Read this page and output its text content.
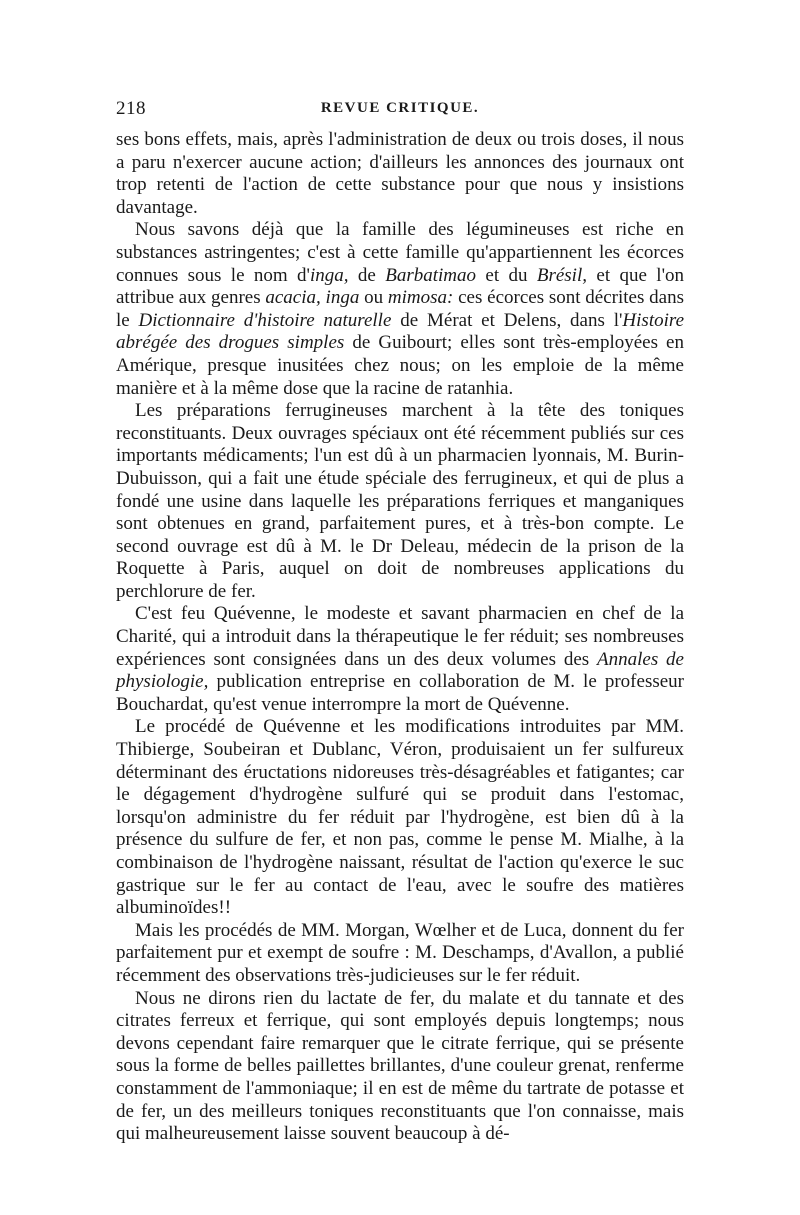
218	REVUE CRITIQUE.

ses bons effets, mais, après l'administration de deux ou trois doses, il nous a paru n'exercer aucune action; d'ailleurs les annonces des journaux ont trop retenti de l'action de cette substance pour que nous y insistions davantage.

Nous savons déjà que la famille des légumineuses est riche en substances astringentes; c'est à cette famille qu'appartiennent les écorces connues sous le nom d'inga, de Barbatimao et du Brésil, et que l'on attribue aux genres acacia, inga ou mimosa: ces écorces sont décrites dans le Dictionnaire d'histoire naturelle de Mérat et Delens, dans l'Histoire abrégée des drogues simples de Guibourt; elles sont très-employées en Amérique, presque inusitées chez nous; on les emploie de la même manière et à la même dose que la racine de ratanhia.

Les préparations ferrugineuses marchent à la tête des toniques reconstituants. Deux ouvrages spéciaux ont été récemment publiés sur ces importants médicaments; l'un est dû à un pharmacien lyonnais, M. Burin-Dubuisson, qui a fait une étude spéciale des ferrugineux, et qui de plus a fondé une usine dans laquelle les préparations ferriques et manganiques sont obtenues en grand, parfaitement pures, et à très-bon compte. Le second ouvrage est dû à M. le Dr Deleau, médecin de la prison de la Roquette à Paris, auquel on doit de nombreuses applications du perchlorure de fer.

C'est feu Quévenne, le modeste et savant pharmacien en chef de la Charité, qui a introduit dans la thérapeutique le fer réduit; ses nombreuses expériences sont consignées dans un des deux volumes des Annales de physiologie, publication entreprise en collaboration de M. le professeur Bouchardat, qu'est venue interrompre la mort de Quévenne.

Le procédé de Quévenne et les modifications introduites par MM. Thibierge, Soubeiran et Dublanc, Véron, produisaient un fer sulfureux déterminant des éructations nidoreuses très-désagréables et fatigantes; car le dégagement d'hydrogène sulfuré qui se produit dans l'estomac, lorsqu'on administre du fer réduit par l'hydrogène, est bien dû à la présence du sulfure de fer, et non pas, comme le pense M. Mialhe, à la combinaison de l'hydrogène naissant, résultat de l'action qu'exerce le suc gastrique sur le fer au contact de l'eau, avec le soufre des matières albuminoïdes!!

Mais les procédés de MM. Morgan, Wœlher et de Luca, donnent du fer parfaitement pur et exempt de soufre : M. Deschamps, d'Avallon, a publié récemment des observations très-judicieuses sur le fer réduit.

Nous ne dirons rien du lactate de fer, du malate et du tannate et des citrates ferreux et ferrique, qui sont employés depuis longtemps; nous devons cependant faire remarquer que le citrate ferrique, qui se présente sous la forme de belles paillettes brillantes, d'une couleur grenat, renferme constamment de l'ammoniaque; il en est de même du tartrate de potasse et de fer, un des meilleurs toniques reconstituants que l'on connaisse, mais qui malheureusement laisse souvent beaucoup à dé-
